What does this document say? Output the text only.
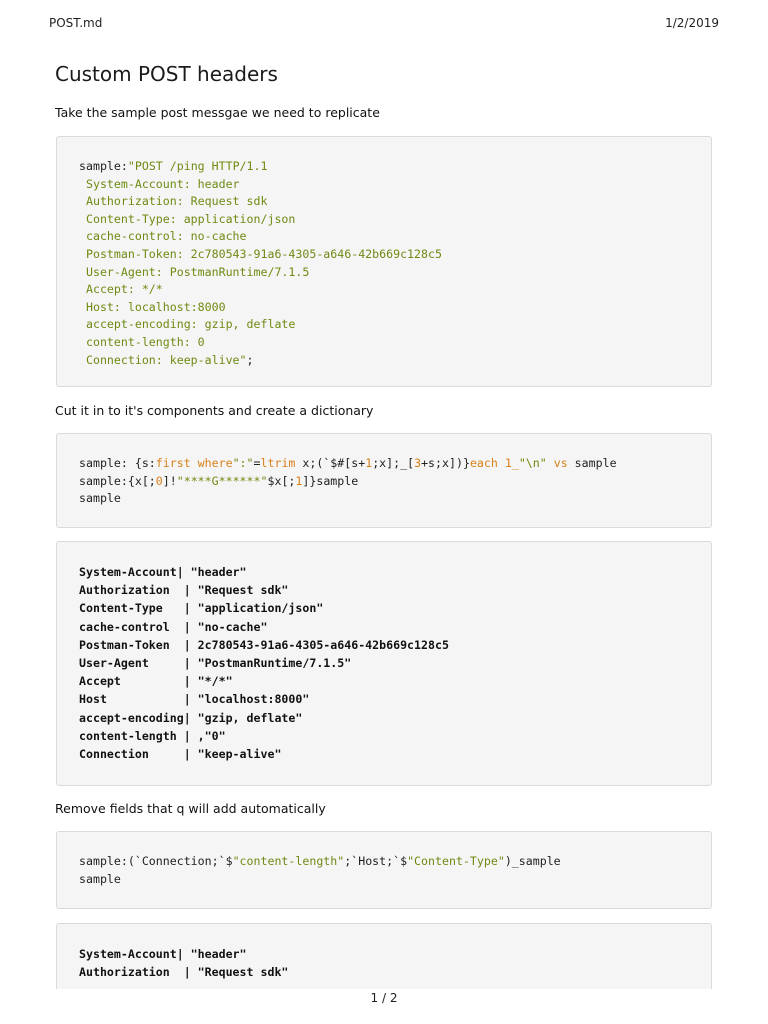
POST.md	1/2/2019
Custom POST headers

Take the sample post messgae we need to replicate

sample:"POST /ping HTTP/1.1
System-Account: header
Authorization: Request sdk
Content-Type: application/json
cache-control: no-cache
Postman-Token: 2c780543-91a6-4305-a646-42b669c128c5
User-Agent: PostmanRuntime/7.1.5
Accept: */*
Host: localhost:8000
accept-encoding: gzip, deflate
content-length: 0
Connection: keep-alive";

Cut it in to it's components and create a dictionary

sample: {s:first where":"=ltrim x;(`$#[s+1;x];_[3+s;x])}each 1_"\n" vs sample
sample:{x[;0]!"****G******"$x[;1]}sample
sample
System-Account| "header"
Authorization  | "Request sdk"
Content-Type   | "application/json"
cache-control  | "no-cache"
Postman-Token  | 2c780543-91a6-4305-a646-42b669c128c5
User-Agent     | "PostmanRuntime/7.1.5"
Accept         | "*/*"
Host           | "localhost:8000"
accept-encoding| "gzip, deflate"
content-length | ,"0"
Connection     | "keep-alive"

Remove fields that q will add automatically

sample:(`Connection;`$"content-length";`Host;`$"Content-Type")_sample
sample
System-Account| "header"
Authorization  | "Request sdk"
1 / 2
